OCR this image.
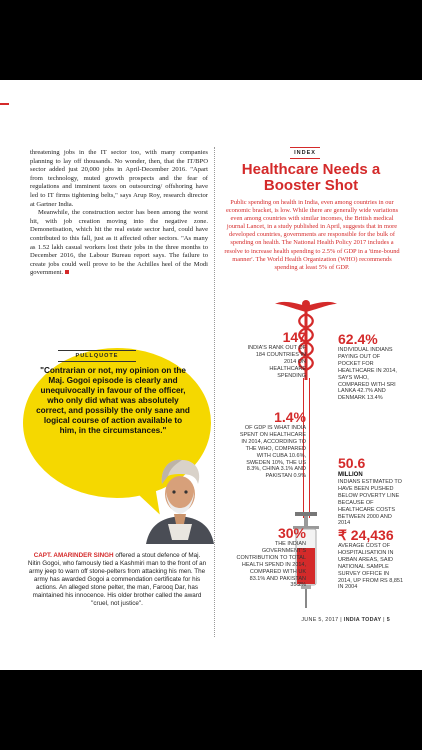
threatening jobs in the IT sector too, with many companies planning to lay off thousands. No wonder, then, that the IT/BPO sector added just 20,000 jobs in April-December 2016. "Apart from technology, muted growth prospects and the fear of regulations and imminent taxes on outsourcing/ offshoring have led to IT firms tightening belts," says Arup Roy, research director at Gartner India.

Meanwhile, the construction sector has been among the worst hit, with job creation moving into the negative zone. Demonetisation, which hit the real estate sector hard, could have contributed to this fall, just as it affected other sectors. "As many as 1.52 lakh casual workers lost their jobs in the three months to December 2016, the Labour Bureau report says. The failure to create jobs could well prove to be the Achilles heel of the Modi government.

PULLQUOTE
"Contrarian or not, my opinion on the Maj. Gogoi episode is clearly and unequivocally in favour of the officer, who only did what was absolutely correct, and possibly the only sane and logical course of action available to him, in the circumstances."
CAPT. AMARINDER SINGH offered a stout defence of Maj. Nitin Gogoi, who famously tied a Kashmiri man to the front of an army jeep to warn off stone-pelters from attacking his men. The army has awarded Gogoi a commendation certificate for his actions. An alleged stone pelter, the man, Farooq Dar, has maintained his innocence. His older brother called the award "cruel, not justice".
INDEX
Healthcare Needs a Booster Shot
Public spending on health in India, even among countries in our economic bracket, is low. While there are generally wide variations even among countries with similar incomes, the British medical journal Lancet, in a study published in April, suggests that in more developed countries, governments are responsible for the bulk of spending on health. The National Health Policy 2017 includes a resolve to increase health spending to 2.5% of GDP in a 'time-bound manner'. The World Health Organization (WHO) recommends spending at least 5% of GDP.
147
INDIA'S RANK OUT OF 184 COUNTRIES IN 2014 ON HEALTHCARE SPENDING
62.4%
INDIVIDUAL INDIANS PAYING OUT OF POCKET FOR HEALTHCARE IN 2014, SAYS WHO, COMPARED WITH SRI LANKA 42.7% AND DENMARK 13.4%
1.4%
OF GDP IS WHAT INDIA SPENT ON HEALTHCARE IN 2014, ACCORDING TO THE WHO, COMPARED WITH CUBA 10.6%, SWEDEN 10%, THE US 8.3%, CHINA 3.1% AND PAKISTAN 0.9%
50.6
MILLION
INDIANS ESTIMATED TO HAVE BEEN PUSHED BELOW POVERTY LINE BECAUSE OF HEALTHCARE COSTS BETWEEN 2000 AND 2014
30%
THE INDIAN GOVERNMENT'S CONTRIBUTION TO TOTAL HEALTH SPEND IN 2014, COMPARED WITH UK 83.1% AND PAKISTAN 35.2%
₹ 24,436
AVERAGE COST OF HOSPITALISATION IN URBAN AREAS, SAID NATIONAL SAMPLE SURVEY OFFICE IN 2014, UP FROM RS 8,851 IN 2004
JUNE 5, 2017 | INDIA TODAY | 5
